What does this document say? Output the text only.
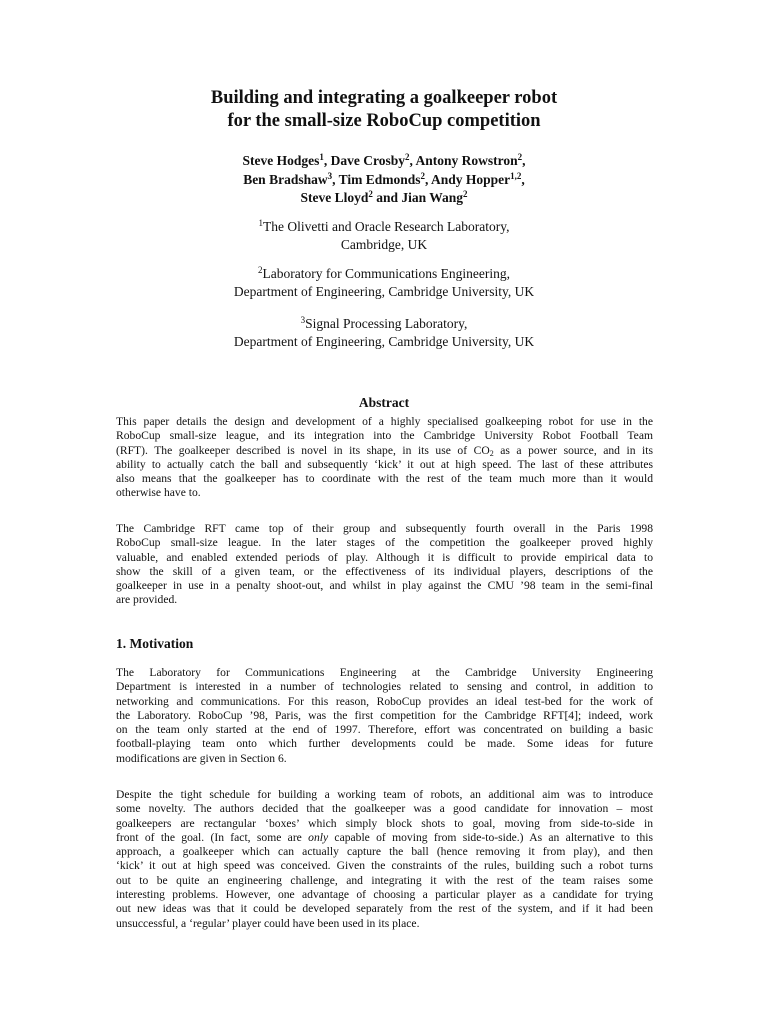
Building and integrating a goalkeeper robot
for the small-size RoboCup competition
Steve Hodges$^1$, Dave Crosby$^2$, Antony Rowstron$^2$,
Ben Bradshaw$^3$, Tim Edmonds$^2$, Andy Hopper$^{1,2}$,
Steve Lloyd$^2$ and Jian Wang$^2$
$^1$The Olivetti and Oracle Research Laboratory,
Cambridge, UK
$^2$Laboratory for Communications Engineering,
Department of Engineering, Cambridge University, UK
$^3$Signal Processing Laboratory,
Department of Engineering, Cambridge University, UK
Abstract
This paper details the design and development of a highly specialised goalkeeping robot for use in the
RoboCup small-size league, and its integration into the Cambridge University Robot Football Team
(RFT). The goalkeeper described is novel in its shape, in its use of $CO_2$ as a power source, and in its
ability to actually catch the ball and subsequently ‘kick’ it out at high speed. The last of these attributes
also means that the goalkeeper has to coordinate with the rest of the team much more than it would
otherwise have to.
The Cambridge RFT came top of their group and subsequently fourth overall in the Paris 1998
RoboCup small-size league. In the later stages of the competition the goalkeeper proved highly
valuable, and enabled extended periods of play. Although it is difficult to provide empirical data to
show the skill of a given team, or the effectiveness of its individual players, descriptions of the
goalkeeper in use in a penalty shoot-out, and whilst in play against the CMU ’98 team in the semi-final
are provided.
1. Motivation
The Laboratory for Communications Engineering at the Cambridge University Engineering
Department is interested in a number of technologies related to sensing and control, in addition to
networking and communications. For this reason, RoboCup provides an ideal test-bed for the work of
the Laboratory. RoboCup ’98, Paris, was the first competition for the Cambridge RFT[4]; indeed, work
on the team only started at the end of 1997. Therefore, effort was concentrated on building a basic
football-playing team onto which further developments could be made. Some ideas for future
modifications are given in Section 6.
Despite the tight schedule for building a working team of robots, an additional aim was to introduce
some novelty. The authors decided that the goalkeeper was a good candidate for innovation – most
goalkeepers are rectangular ‘boxes’ which simply block shots to goal, moving from side-to-side in
front of the goal. (In fact, some are only capable of moving from side-to-side.) As an alternative to this
approach, a goalkeeper which can actually capture the ball (hence removing it from play), and then
‘kick’ it out at high speed was conceived. Given the constraints of the rules, building such a robot turns
out to be quite an engineering challenge, and integrating it with the rest of the team raises some
interesting problems. However, one advantage of choosing a particular player as a candidate for trying
out new ideas was that it could be developed separately from the rest of the system, and if it had been
unsuccessful, a ‘regular’ player could have been used in its place.
